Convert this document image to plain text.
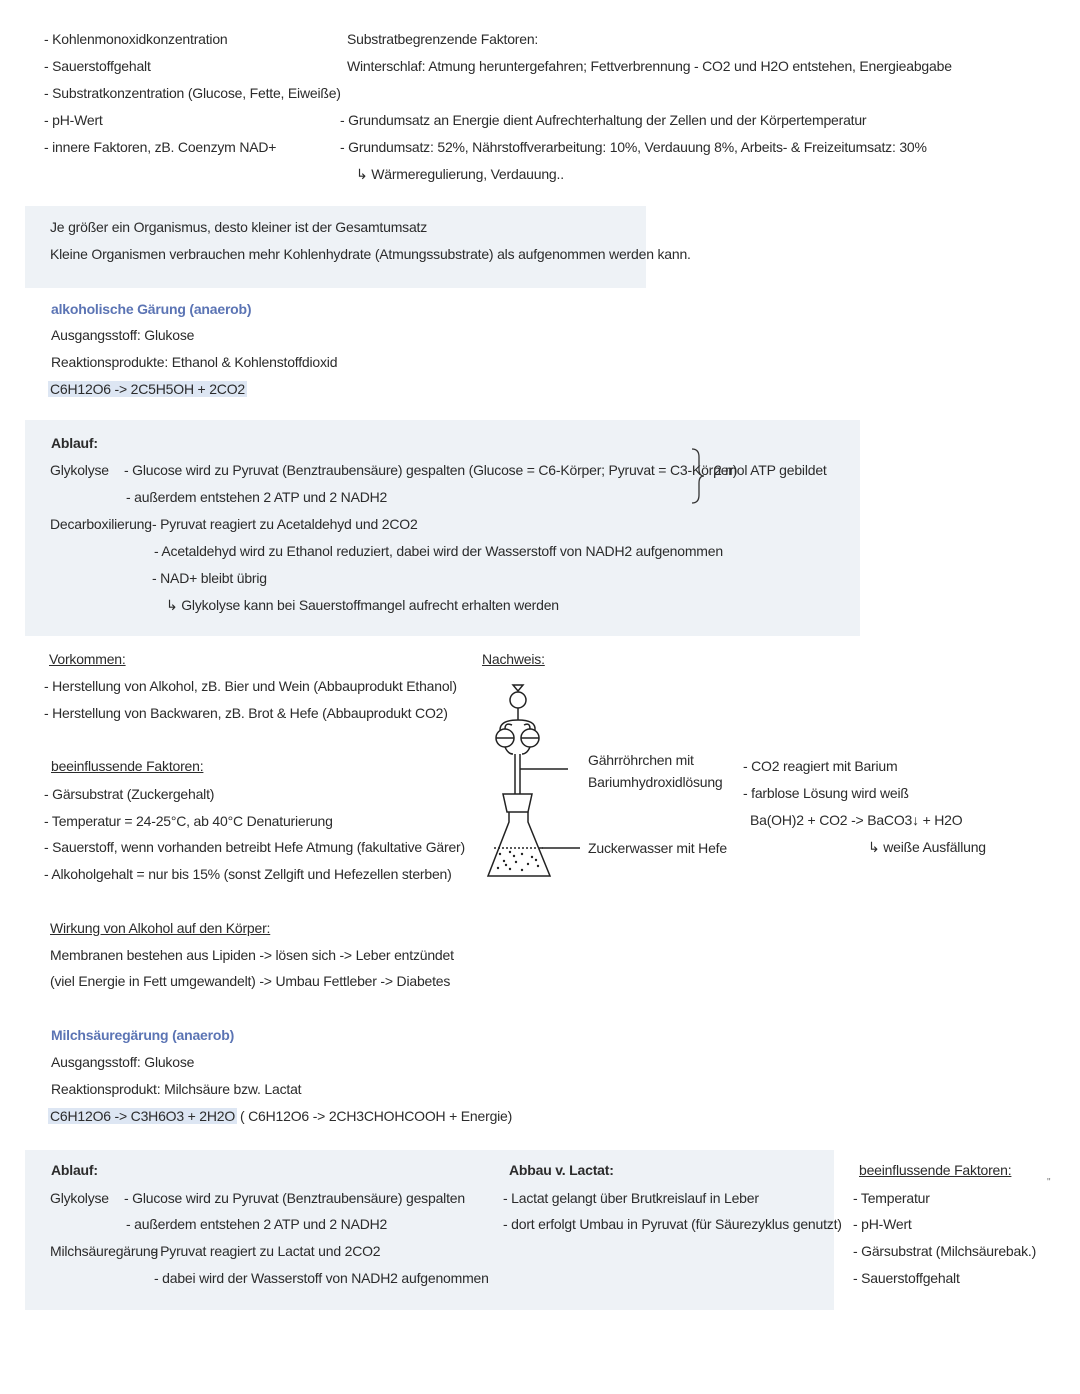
- Kohlenmonoxidkonzentration
- Sauerstoffgehalt
- Substratkonzentration (Glucose, Fette, Eiweiße)
- pH-Wert
- innere Faktoren, zB. Coenzym NAD+
Substratbegrenzende Faktoren:
Winterschlaf: Atmung heruntergefahren; Fettverbrennung - CO2 und H2O entstehen, Energieabgabe
- Grundumsatz an Energie dient Aufrechterhaltung der Zellen und der Körpertemperatur
- Grundumsatz: 52%, Nährstoffverarbeitung: 10%, Verdauung 8%, Arbeits- & Freizeitumsatz: 30%
↳ Wärmeregulierung, Verdauung..
Je größer ein Organismus, desto kleiner ist der Gesamtumsatz
Kleine Organismen verbrauchen mehr Kohlenhydrate (Atmungssubstrate) als aufgenommen werden kann.
alkoholische Gärung (anaerob)
Ausgangsstoff: Glukose
Reaktionsprodukte: Ethanol & Kohlenstoffdioxid
C6H12O6 -> 2C5H5OH + 2CO2
Ablauf:
Glykolyse - Glucose wird zu Pyruvat (Benztraubensäure) gespalten (Glucose = C6-Körper; Pyruvat = C3-Körper)
- außerdem entstehen 2 ATP und 2 NADH2
2 mol ATP gebildet
Decarboxilierung - Pyruvat reagiert zu Acetaldehyd und 2CO2
- Acetaldehyd wird zu Ethanol reduziert, dabei wird der Wasserstoff von NADH2 aufgenommen
- NAD+ bleibt übrig
↳ Glykolyse kann bei Sauerstoffmangel aufrecht erhalten werden
Vorkommen:
- Herstellung von Alkohol, zB. Bier und Wein (Abbauprodukt Ethanol)
- Herstellung von Backwaren, zB. Brot & Hefe (Abbauprodukt CO2)
beeinflussende Faktoren:
- Gärsubstrat (Zuckergehalt)
- Temperatur = 24-25°C, ab 40°C Denaturierung
- Sauerstoff, wenn vorhanden betreibt Hefe Atmung (fakultative Gärer)
- Alkoholgehalt = nur bis 15% (sonst Zellgift und Hefezellen sterben)
Nachweis:
Gährröhrchen mit
Bariumhydroxidlösung
Zuckerwasser mit Hefe
- CO2 reagiert mit Barium
- farblose Lösung wird weiß
Ba(OH)2 + CO2 -> BaCO3↓ + H2O
↳ weiße Ausfällung
Wirkung von Alkohol auf den Körper:
Membranen bestehen aus Lipiden -> lösen sich -> Leber entzündet
(viel Energie in Fett umgewandelt) -> Umbau Fettleber -> Diabetes
Milchsäuregärung (anaerob)
Ausgangsstoff: Glukose
Reaktionsprodukt: Milchsäure bzw. Lactat
C6H12O6 -> C3H6O3 + 2H2O ( C6H12O6 -> 2CH3CHOHCOOH + Energie)
Ablauf:
Glykolyse - Glucose wird zu Pyruvat (Benztraubensäure) gespalten
- außerdem entstehen 2 ATP und 2 NADH2
Milchsäuregärung
- Pyruvat reagiert zu Lactat und 2CO2
- dabei wird der Wasserstoff von NADH2 aufgenommen
Abbau v. Lactat:
- Lactat gelangt über Brutkreislauf in Leber
- dort erfolgt Umbau in Pyruvat (für Säurezyklus genutzt)
beeinflussende Faktoren:
- Temperatur
- pH-Wert
- Gärsubstrat (Milchsäurebak.)
- Sauerstoffgehalt
"
